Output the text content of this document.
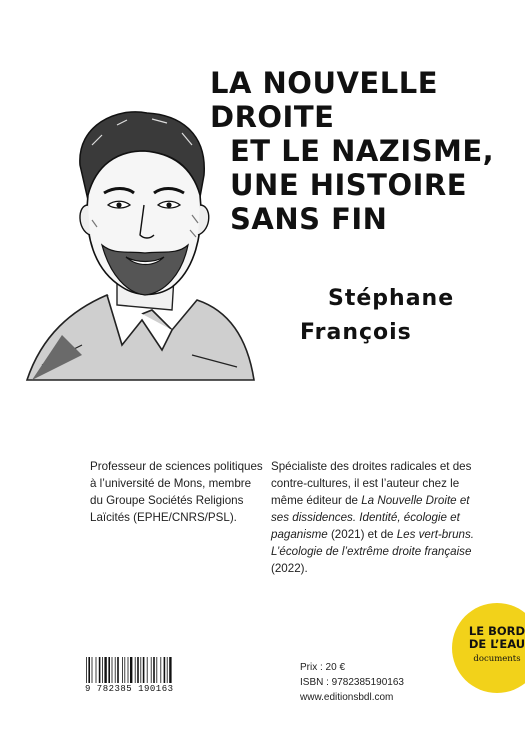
LA NOUVELLE
DROITE
ET LE NAZISME,
UNE HISTOIRE
SANS FIN
Stéphane
François
Professeur de sciences politiques à l’université de Mons, membre du Groupe Sociétés Religions Laïcités (EPHE/CNRS/PSL).
Spécialiste des droites radicales et des contre-cultures, il est l’auteur chez le même éditeur de La Nouvelle Droite et ses dissidences. Identité, écologie et paganisme (2021) et de Les vert-bruns. L’écologie de l’extrême droite française (2022).
9 782385 190163
Prix : 20 €
ISBN : 9782385190163
www.editionsbdl.com
LE BORD
DE L’EAU
documents
